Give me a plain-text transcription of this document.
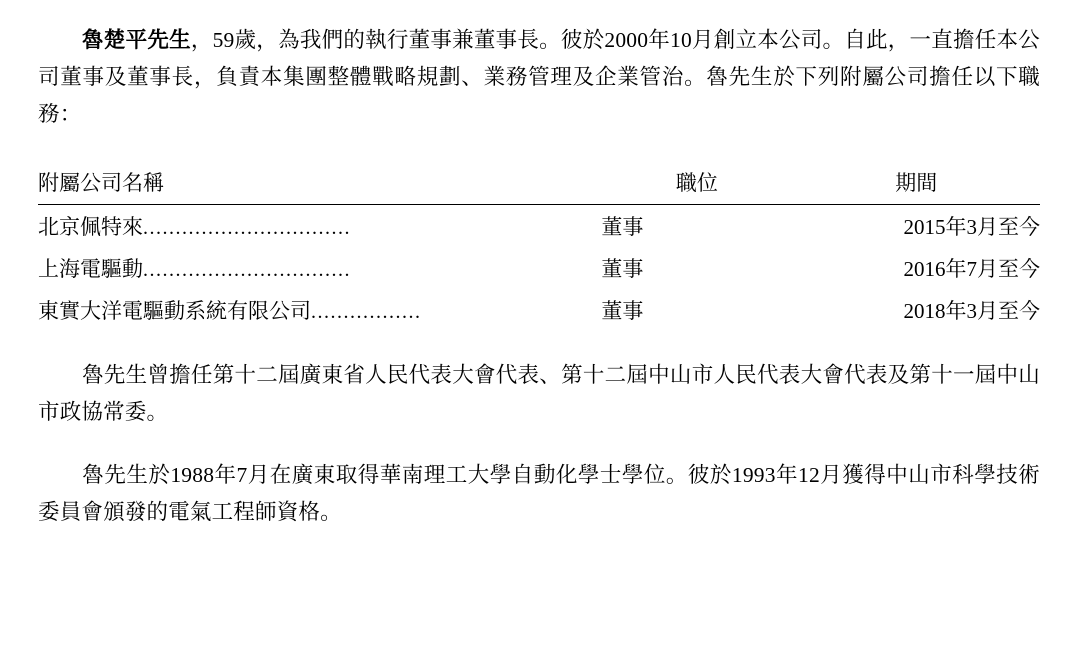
魯楚平先生，59歲，為我們的執行董事兼董事長。彼於2000年10月創立本公司。自此，一直擔任本公司董事及董事長，負責本集團整體戰略規劃、業務管理及企業管治。魯先生於下列附屬公司擔任以下職務：

附屬公司名稱	職位	期間
北京佩特來................................	董事	2015年3月至今
上海電驅動................................	董事	2016年7月至今
東實大洋電驅動系統有限公司.................	董事	2018年3月至今

魯先生曾擔任第十二屆廣東省人民代表大會代表、第十二屆中山市人民代表大會代表及第十一屆中山市政協常委。

魯先生於1988年7月在廣東取得華南理工大學自動化學士學位。彼於1993年12月獲得中山市科學技術委員會頒發的電氣工程師資格。
